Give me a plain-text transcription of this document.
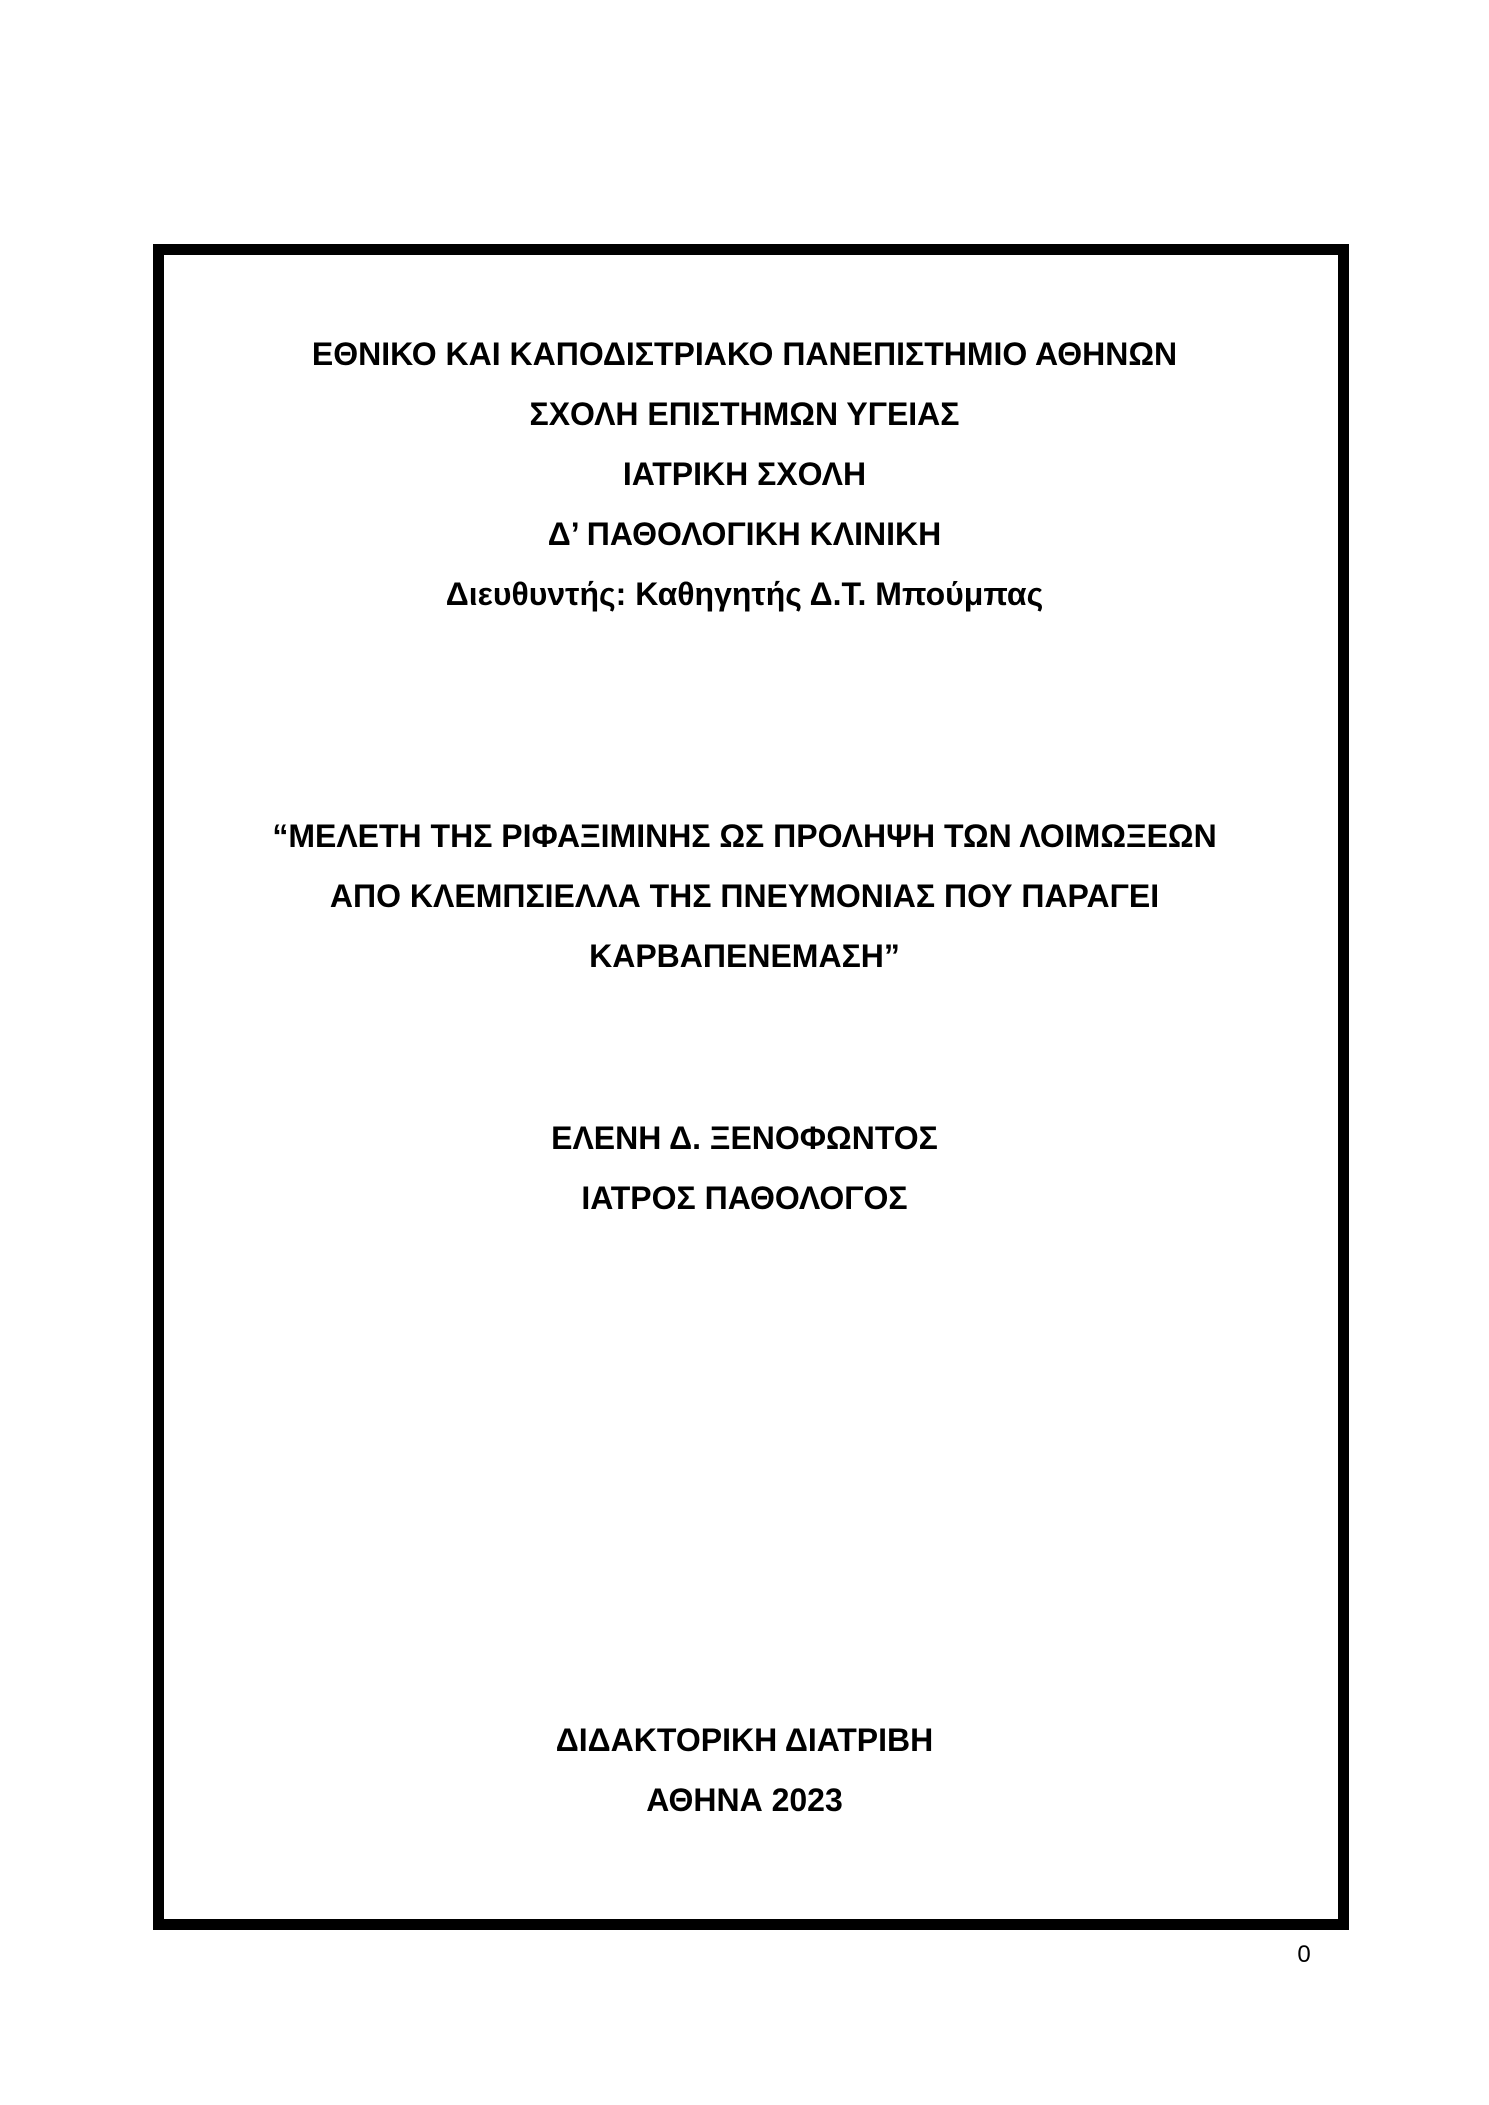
ΕΘΝΙΚΟ ΚΑΙ ΚΑΠΟΔΙΣΤΡΙΑΚΟ ΠΑΝΕΠΙΣΤΗΜΙΟ ΑΘΗΝΩΝ
ΣΧΟΛΗ ΕΠΙΣΤΗΜΩΝ ΥΓΕΙΑΣ
ΙΑΤΡΙΚΗ ΣΧΟΛΗ
Δ’ ΠΑΘΟΛΟΓΙΚΗ ΚΛΙΝΙΚΗ
Διευθυντής: Καθηγητής Δ.Τ. Μπούμπας
“ΜΕΛΕΤΗ ΤΗΣ ΡΙΦΑΞΙΜΙΝΗΣ ΩΣ ΠΡΟΛΗΨΗ ΤΩΝ ΛΟΙΜΩΞΕΩΝ
ΑΠΟ ΚΛΕΜΠΣΙΕΛΛΑ ΤΗΣ ΠΝΕΥΜΟΝΙΑΣ ΠΟΥ ΠΑΡΑΓΕΙ
ΚΑΡΒΑΠΕΝΕΜΑΣΗ”
ΕΛΕΝΗ Δ. ΞΕΝΟΦΩΝΤΟΣ
ΙΑΤΡΟΣ ΠΑΘΟΛΟΓΟΣ
ΔΙΔΑΚΤΟΡΙΚΗ ΔΙΑΤΡΙΒΗ
ΑΘΗΝΑ 2023
0
